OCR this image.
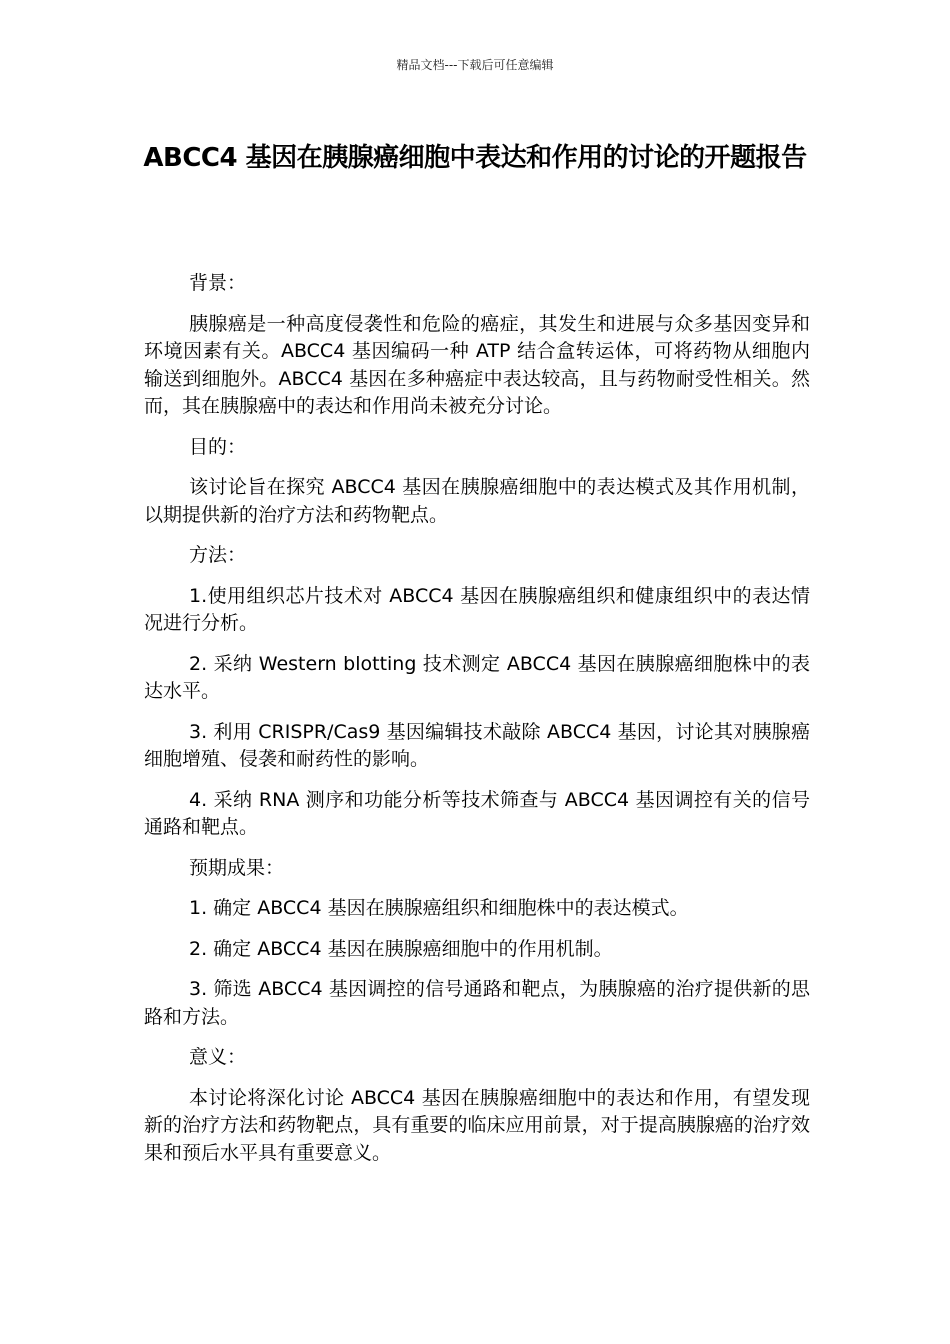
精品文档---下载后可任意编辑
ABCC4 基因在胰腺癌细胞中表达和作用的讨论的开题报告

背景：

胰腺癌是一种高度侵袭性和危险的癌症，其发生和进展与众多基因变异和环境因素有关。ABCC4 基因编码一种 ATP 结合盒转运体，可将药物从细胞内输送到细胞外。ABCC4 基因在多种癌症中表达较高，且与药物耐受性相关。然而，其在胰腺癌中的表达和作用尚未被充分讨论。

目的：

该讨论旨在探究 ABCC4 基因在胰腺癌细胞中的表达模式及其作用机制，以期提供新的治疗方法和药物靶点。

方法：

1.使用组织芯片技术对 ABCC4 基因在胰腺癌组织和健康组织中的表达情况进行分析。

2. 采纳 Western blotting 技术测定 ABCC4 基因在胰腺癌细胞株中的表达水平。

3. 利用 CRISPR/Cas9 基因编辑技术敲除 ABCC4 基因，讨论其对胰腺癌细胞增殖、侵袭和耐药性的影响。

4. 采纳 RNA 测序和功能分析等技术筛查与 ABCC4 基因调控有关的信号通路和靶点。

预期成果：

1. 确定 ABCC4 基因在胰腺癌组织和细胞株中的表达模式。

2. 确定 ABCC4 基因在胰腺癌细胞中的作用机制。

3. 筛选 ABCC4 基因调控的信号通路和靶点，为胰腺癌的治疗提供新的思路和方法。

意义：

本讨论将深化讨论 ABCC4 基因在胰腺癌细胞中的表达和作用，有望发现新的治疗方法和药物靶点，具有重要的临床应用前景，对于提高胰腺癌的治疗效果和预后水平具有重要意义。
